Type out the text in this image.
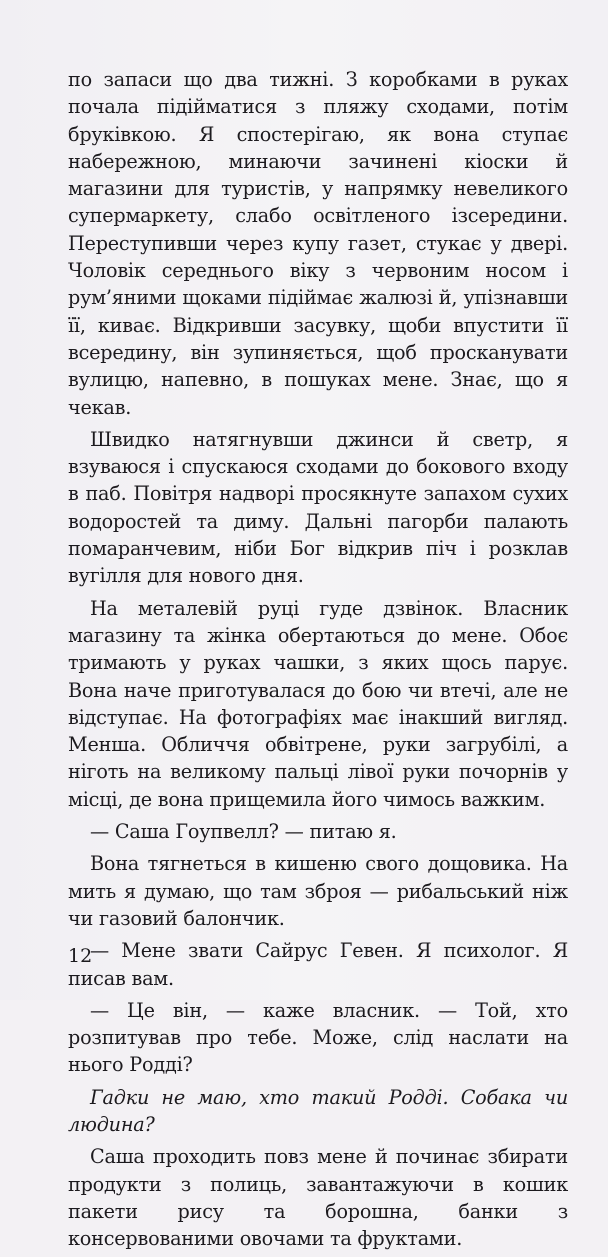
по запаси що два тижні. З коробками в руках почала підійматися з пляжу сходами, потім бруківкою. Я спостерігаю, як вона ступає набережною, минаючи зачинені кіоски й магазини для туристів, у напрямку невеликого супермаркету, слабо освітленого ізсередини. Переступивши через купу газет, стукає у двері. Чоловік середнього віку з червоним носом і рум’яними щоками підіймає жалюзі й, упізнавши її, киває. Відкривши засувку, щоби впустити її всередину, він зупиняється, щоб просканувати вулицю, напевно, в пошуках мене. Знає, що я чекав.

Швидко натягнувши джинси й светр, я взуваюся і спускаюся сходами до бокового входу в паб. Повітря надворі просякнуте запахом сухих водоростей та диму. Дальні пагорби палають помаранчевим, ніби Бог відкрив піч і розклав вугілля для нового дня.

На металевій руці гуде дзвінок. Власник магазину та жінка обертаються до мене. Обоє тримають у руках чашки, з яких щось парує. Вона наче приготувалася до бою чи втечі, але не відступає. На фотографіях має інакший вигляд. Менша. Обличчя обвітрене, руки загрубілі, а ніготь на великому пальці лівої руки почорнів у місці, де вона прищемила його чимось важким.

— Саша Гоупвелл? — питаю я.

Вона тягнеться в кишеню свого дощовика. На мить я думаю, що там зброя — рибальський ніж чи газовий балончик.

— Мене звати Сайрус Гевен. Я психолог. Я писав вам.

— Це він, — каже власник. — Той, хто розпитував про тебе. Може, слід наслати на нього Родді?

Гадки не маю, хто такий Родді. Собака чи людина?

Саша проходить повз мене й починає збирати продукти з полиць, завантажуючи в кошик пакети рису та борошна, банки з консервованими овочами та фруктами.

12
